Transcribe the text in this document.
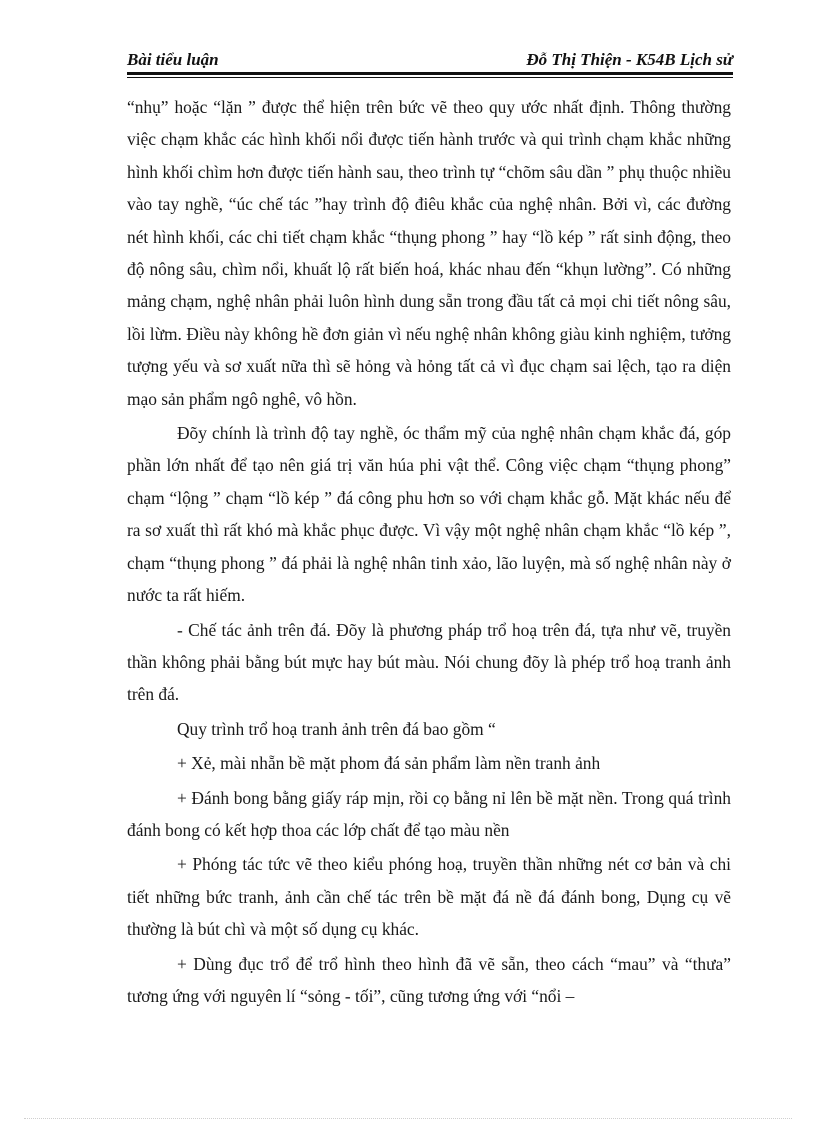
Bài tiểu luận	Đỗ Thị Thiện - K54B Lịch sử

“nhụ” hoặc “lặn ” được thể hiện trên bức vẽ theo quy ước nhất định. Thông thường việc chạm khắc các hình khối nổi được tiến hành trước và qui trình chạm khắc những hình khối chìm hơn được tiến hành sau, theo trình tự “chõm sâu dần ” phụ thuộc nhiều vào tay nghề, “úc chế tác ”hay trình độ điêu khắc của nghệ nhân. Bởi vì, các đường nét hình khối, các chi tiết chạm khắc “thụng phong ” hay “lồ kép ” rất sinh động, theo độ nông sâu, chìm nổi, khuất lộ rất biến hoá, khác nhau đến “khụn lường”. Có những mảng chạm, nghệ nhân phải luôn hình dung sẵn trong đầu tất cả mọi chi tiết nông sâu, lồi lừm. Điều này không hề đơn giản vì nếu nghệ nhân không giàu kinh nghiệm, tưởng tượng yếu và sơ xuất nữa thì sẽ hỏng và hỏng tất cả vì đục chạm sai lệch, tạo ra diện mạo sản phẩm ngô nghê, vô hồn.

Đõy chính là trình độ tay nghề, óc thẩm mỹ của nghệ nhân chạm khắc đá, góp phần lớn nhất để tạo nên giá trị văn húa phi vật thể. Công việc chạm “thụng phong” chạm “lộng ” chạm “lồ kép ” đá công phu hơn so với chạm khắc gỗ. Mặt khác nếu để ra sơ xuất thì rất khó mà khắc phục được. Vì vậy một nghệ nhân chạm khắc “lồ kép ”, chạm “thụng phong ” đá phải là nghệ nhân tinh xảo, lão luyện, mà số nghệ nhân này ở nước ta rất hiếm.

- Chế tác ảnh trên đá. Đõy là phương pháp trổ hoạ trên đá, tựa như vẽ, truyền thần không phải bằng bút mực hay bút màu. Nói chung đõy là phép trổ hoạ tranh ảnh trên đá.

Quy trình trổ hoạ tranh ảnh trên đá bao gồm “

+ Xẻ, mài nhẵn bề mặt phom đá sản phẩm làm nền tranh ảnh

+ Đánh bong bằng giấy ráp mịn, rồi cọ bằng nỉ lên bề mặt nền. Trong quá trình đánh bong có kết hợp thoa các lớp chất để tạo màu nền

+ Phóng tác tức vẽ theo kiểu phóng hoạ, truyền thần những nét cơ bản và chi tiết những bức tranh, ảnh cần chế tác trên bề mặt đá nề đá đánh bong, Dụng cụ vẽ thường là bút chì và một số dụng cụ khác.

+ Dùng đục trổ để trổ hình theo hình đã vẽ sẵn, theo cách “mau” và “thưa” tương ứng với nguyên lí “sỏng - tối”, cũng tương ứng với “nổi –
